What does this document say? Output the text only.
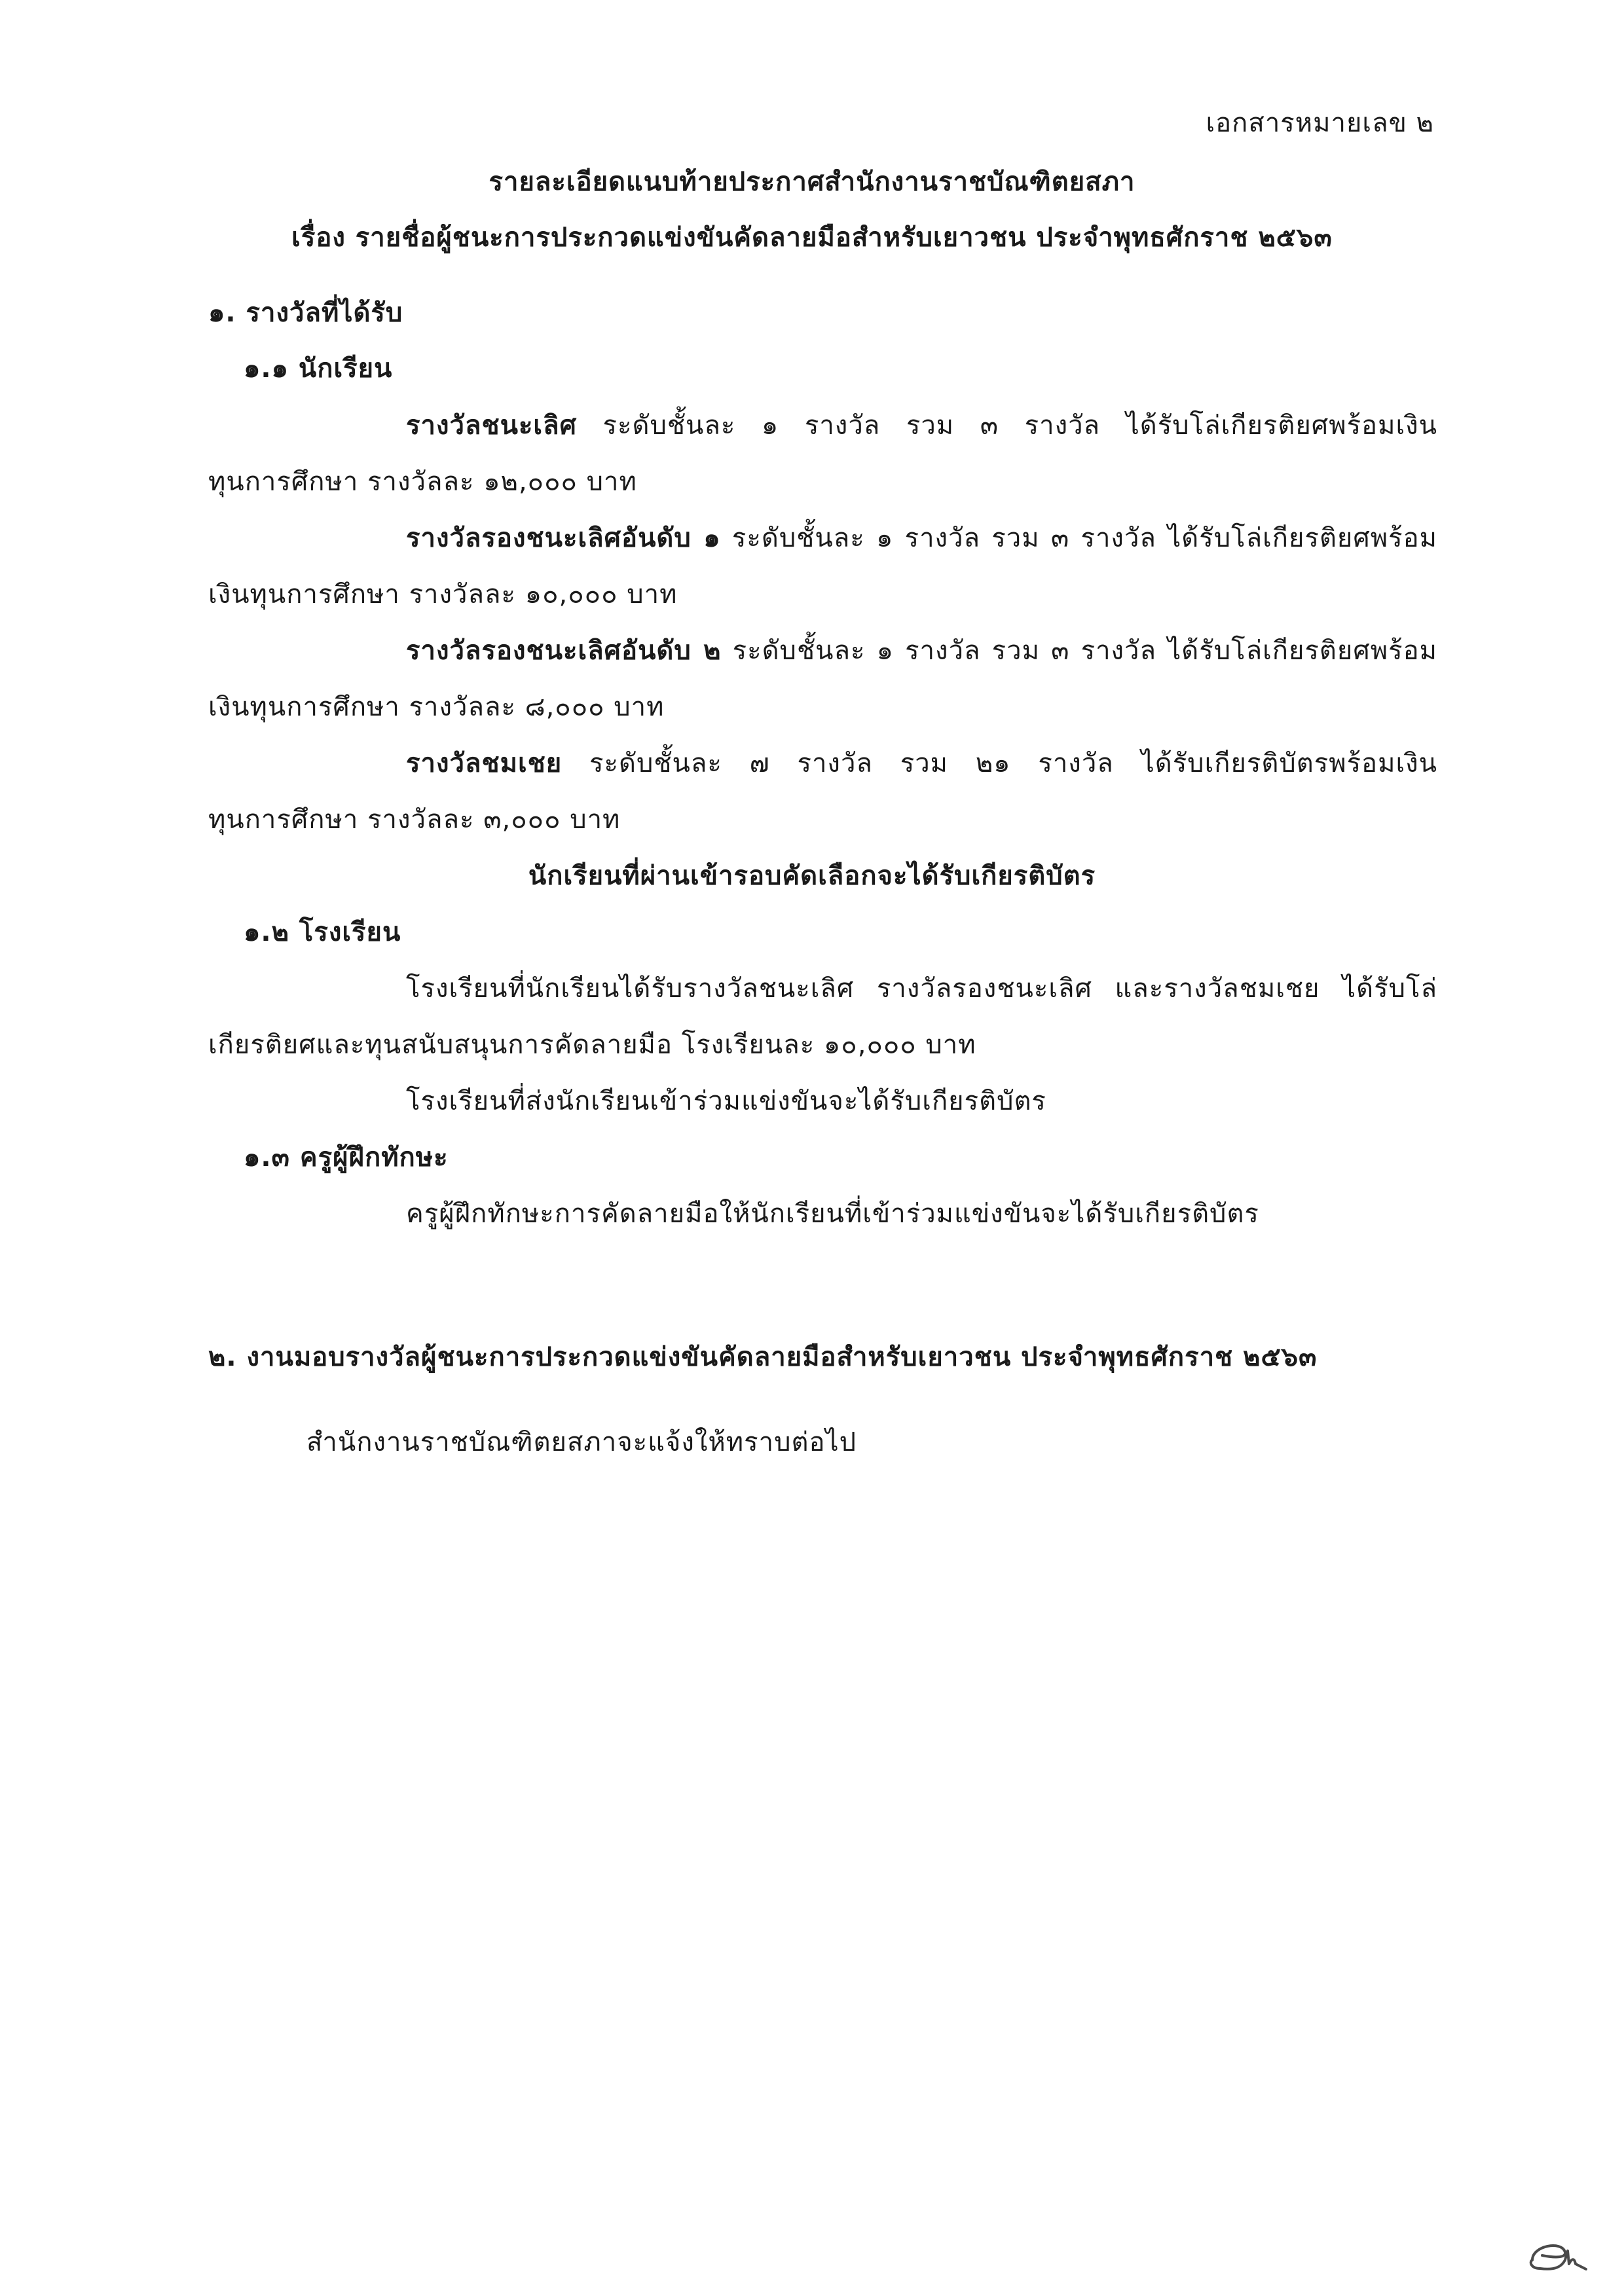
เอกสารหมายเลข ๒
รายละเอียดแนบท้ายประกาศสำนักงานราชบัณฑิตยสภา
เรื่อง รายชื่อผู้ชนะการประกวดแข่งขันคัดลายมือสำหรับเยาวชน ประจำพุทธศักราช ๒๕๖๓
๑. รางวัลที่ได้รับ
๑.๑ นักเรียน
รางวัลชนะเลิศ ระดับชั้นละ ๑ รางวัล รวม ๓ รางวัล ได้รับโล่เกียรติยศพร้อมเงิน
ทุนการศึกษา รางวัลละ ๑๒,๐๐๐ บาท
รางวัลรองชนะเลิศอันดับ ๑ ระดับชั้นละ ๑ รางวัล รวม ๓ รางวัล ได้รับโล่เกียรติยศพร้อม
เงินทุนการศึกษา รางวัลละ ๑๐,๐๐๐ บาท
รางวัลรองชนะเลิศอันดับ ๒ ระดับชั้นละ ๑ รางวัล รวม ๓ รางวัล ได้รับโล่เกียรติยศพร้อม
เงินทุนการศึกษา รางวัลละ ๘,๐๐๐ บาท
รางวัลชมเชย ระดับชั้นละ ๗ รางวัล รวม ๒๑ รางวัล ได้รับเกียรติบัตรพร้อมเงิน
ทุนการศึกษา รางวัลละ ๓,๐๐๐ บาท
นักเรียนที่ผ่านเข้ารอบคัดเลือกจะได้รับเกียรติบัตร
๑.๒ โรงเรียน
โรงเรียนที่นักเรียนได้รับรางวัลชนะเลิศ รางวัลรองชนะเลิศ และรางวัลชมเชย ได้รับโล่
เกียรติยศและทุนสนับสนุนการคัดลายมือ โรงเรียนละ ๑๐,๐๐๐ บาท
โรงเรียนที่ส่งนักเรียนเข้าร่วมแข่งขันจะได้รับเกียรติบัตร
๑.๓ ครูผู้ฝึกทักษะ
ครูผู้ฝึกทักษะการคัดลายมือให้นักเรียนที่เข้าร่วมแข่งขันจะได้รับเกียรติบัตร
๒. งานมอบรางวัลผู้ชนะการประกวดแข่งขันคัดลายมือสำหรับเยาวชน ประจำพุทธศักราช ๒๕๖๓
สำนักงานราชบัณฑิตยสภาจะแจ้งให้ทราบต่อไป
